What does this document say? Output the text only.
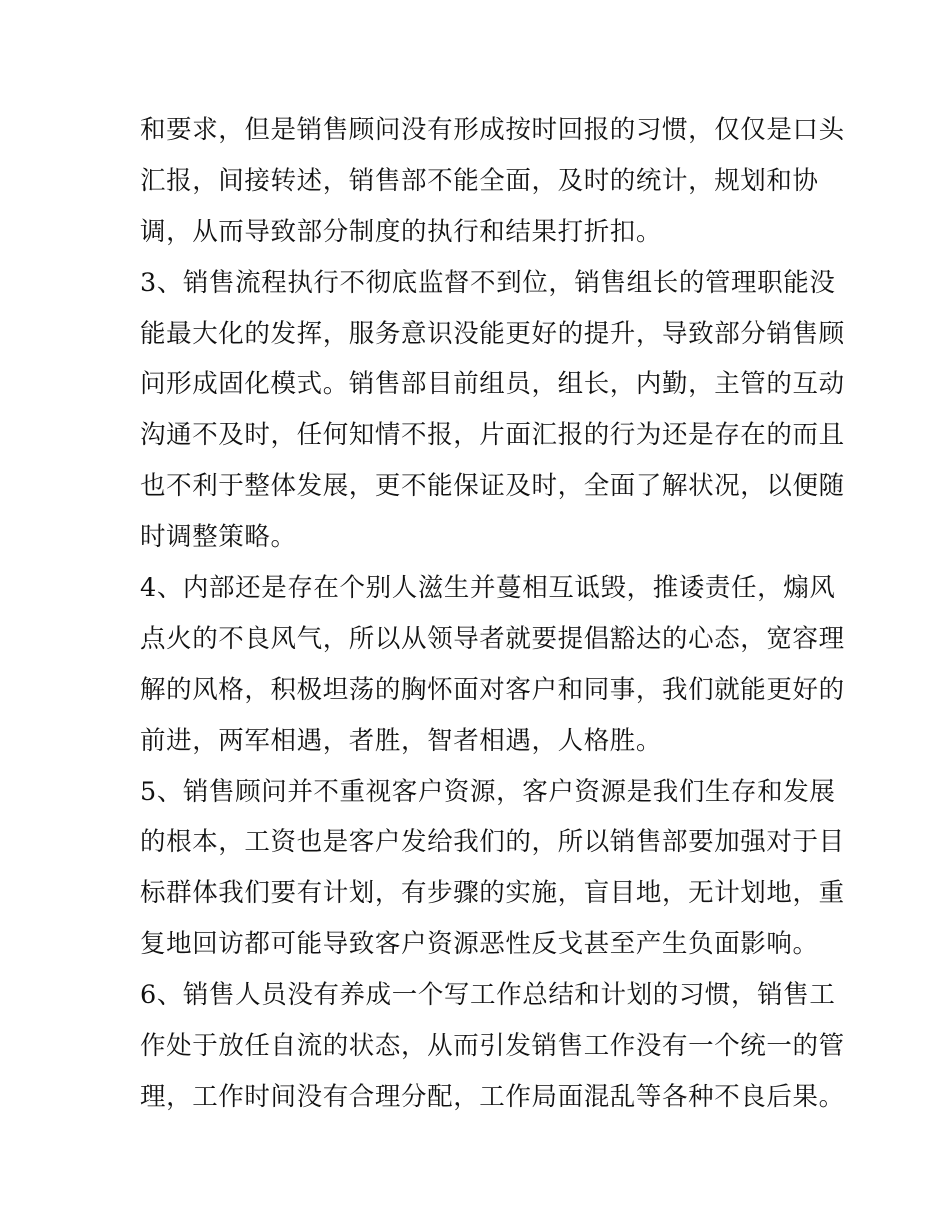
和要求，但是销售顾问没有形成按时回报的习惯，仅仅是口头
汇报，间接转述，销售部不能全面，及时的统计，规划和协
调，从而导致部分制度的执行和结果打折扣。
3、销售流程执行不彻底监督不到位，销售组长的管理职能没
能最大化的发挥，服务意识没能更好的提升，导致部分销售顾
问形成固化模式。销售部目前组员，组长，内勤，主管的互动
沟通不及时，任何知情不报，片面汇报的行为还是存在的而且
也不利于整体发展，更不能保证及时，全面了解状况，以便随
时调整策略。
4、内部还是存在个别人滋生并蔓相互诋毁，推诿责任，煽风
点火的不良风气，所以从领导者就要提倡豁达的心态，宽容理
解的风格，积极坦荡的胸怀面对客户和同事，我们就能更好的
前进，两军相遇，者胜，智者相遇，人格胜。
5、销售顾问并不重视客户资源，客户资源是我们生存和发展
的根本，工资也是客户发给我们的，所以销售部要加强对于目
标群体我们要有计划，有步骤的实施，盲目地，无计划地，重
复地回访都可能导致客户资源恶性反戈甚至产生负面影响。
6、销售人员没有养成一个写工作总结和计划的习惯，销售工
作处于放任自流的状态，从而引发销售工作没有一个统一的管
理，工作时间没有合理分配，工作局面混乱等各种不良后果。
